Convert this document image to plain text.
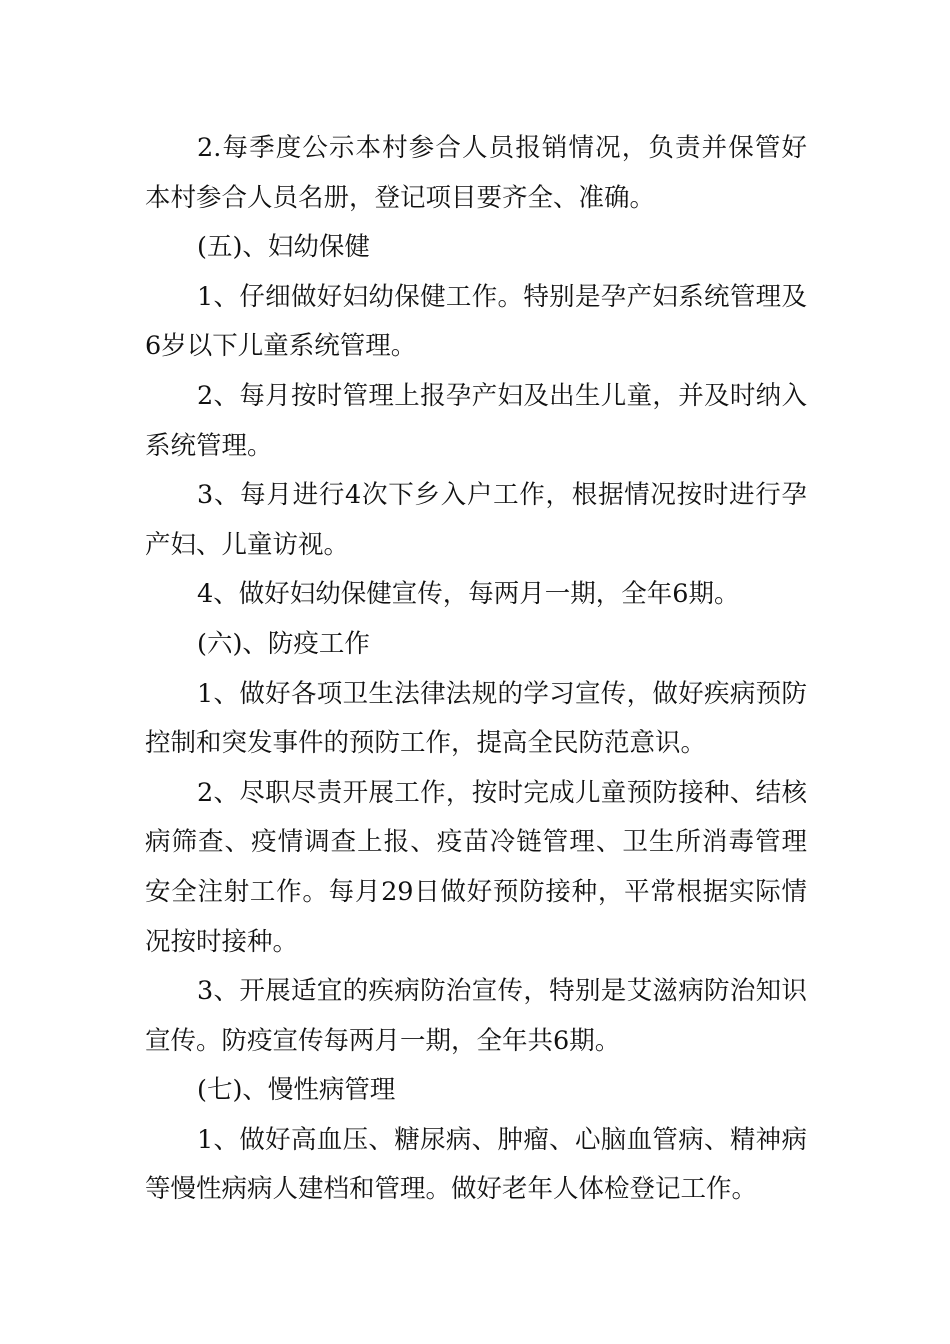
2.每季度公示本村参合人员报销情况，负责并保管好本村参合人员名册，登记项目要齐全、准确。

(五)、妇幼保健

1、仔细做好妇幼保健工作。特别是孕产妇系统管理及6岁以下儿童系统管理。

2、每月按时管理上报孕产妇及出生儿童，并及时纳入系统管理。

3、每月进行4次下乡入户工作，根据情况按时进行孕产妇、儿童访视。

4、做好妇幼保健宣传，每两月一期，全年6期。

(六)、防疫工作

1、做好各项卫生法律法规的学习宣传，做好疾病预防控制和突发事件的预防工作，提高全民防范意识。

2、尽职尽责开展工作，按时完成儿童预防接种、结核病筛查、疫情调查上报、疫苗冷链管理、卫生所消毒管理安全注射工作。每月29日做好预防接种，平常根据实际情况按时接种。

3、开展适宜的疾病防治宣传，特别是艾滋病防治知识宣传。防疫宣传每两月一期，全年共6期。

(七)、慢性病管理

1、做好高血压、糖尿病、肿瘤、心脑血管病、精神病等慢性病病人建档和管理。做好老年人体检登记工作。
